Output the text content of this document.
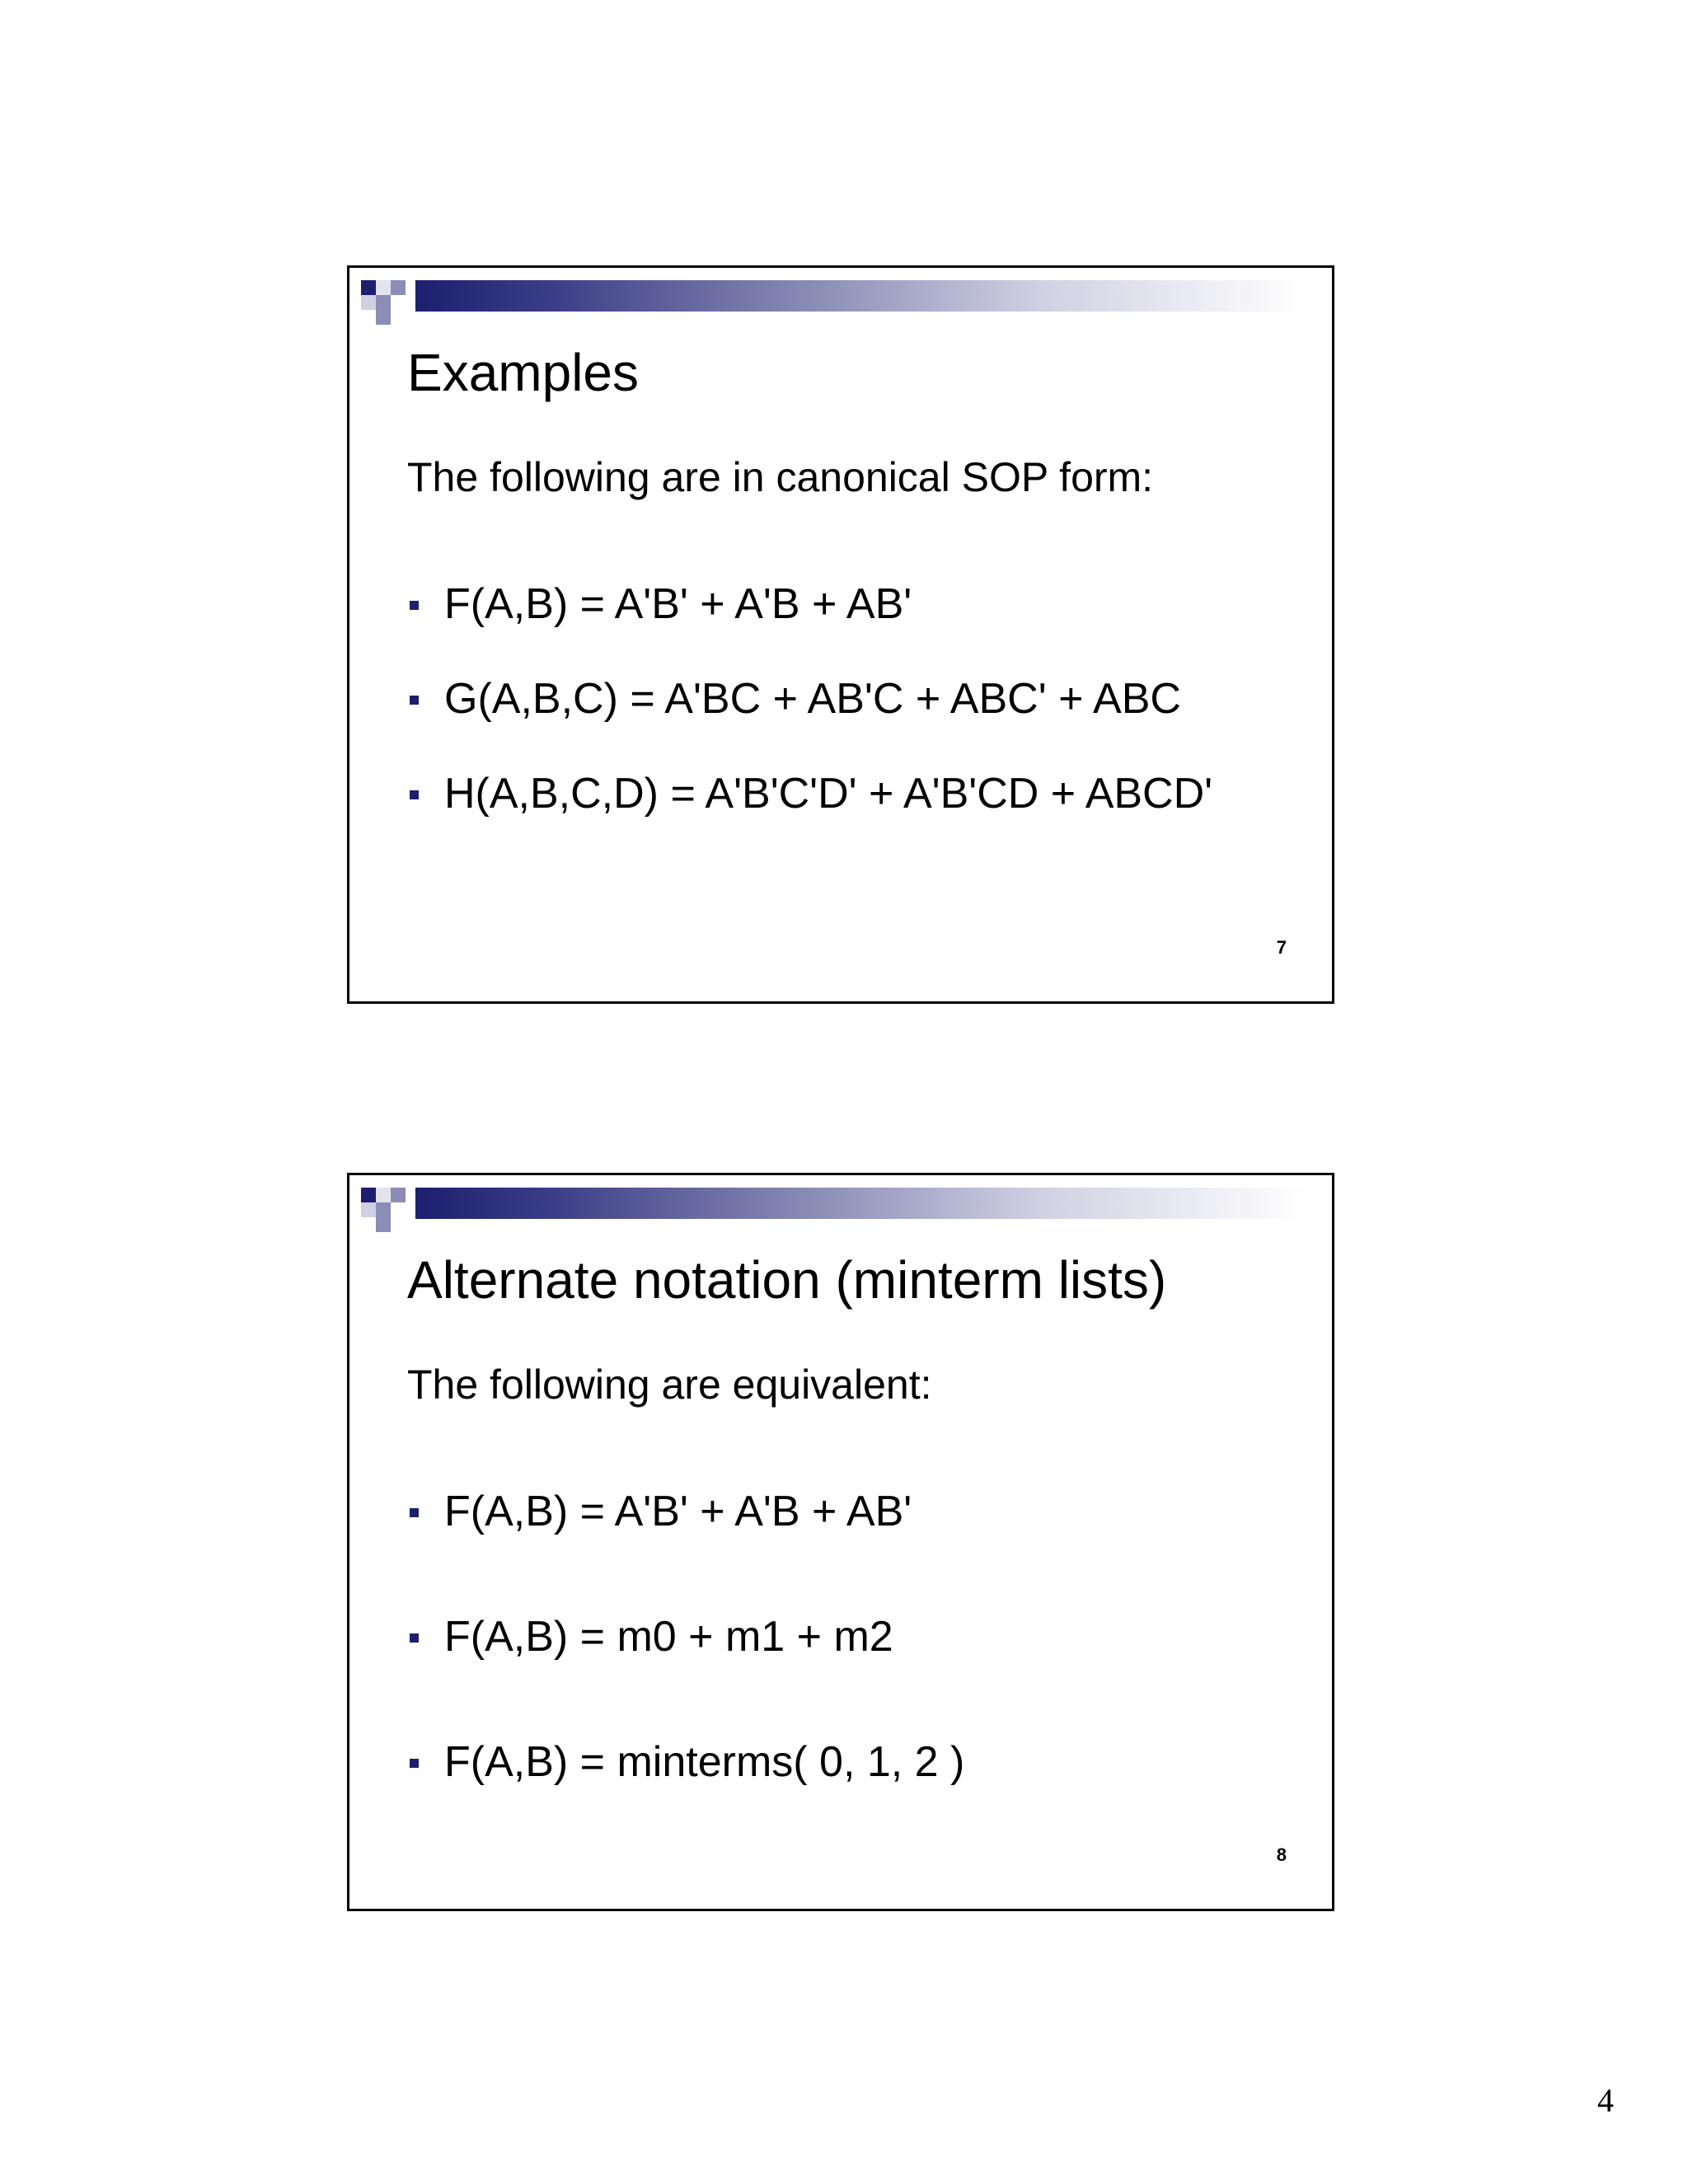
Examples

The following are in canonical SOP form:

F(A,B) = A'B' + A'B + AB'
G(A,B,C) = A'BC + AB'C + ABC' + ABC
H(A,B,C,D) = A'B'C'D' + A'B'CD + ABCD'
7
Alternate notation (minterm lists)

The following are equivalent:

F(A,B) = A'B' + A'B + AB'
F(A,B) = m0 + m1 + m2
F(A,B) = minterms( 0, 1, 2 )
8
4
